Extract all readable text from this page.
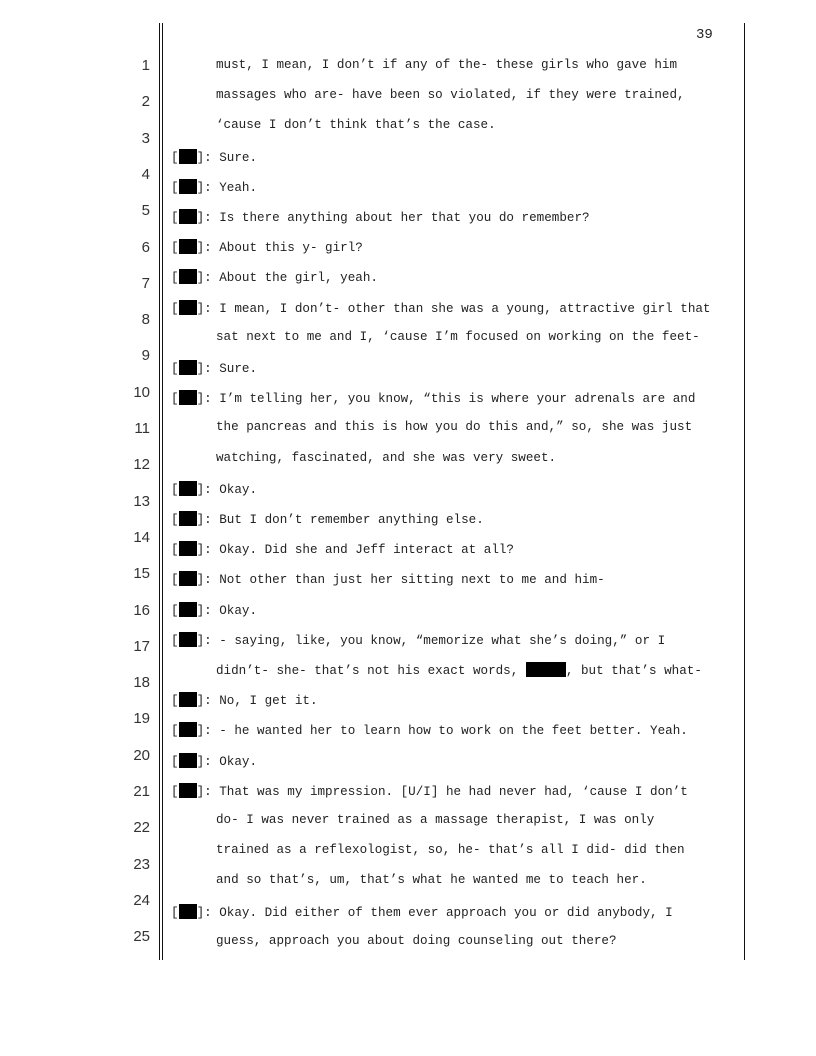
39
1
2
3
4
5
6
7
8
9
10
11
12
13
14
15
16
17
18
19
20
21
22
23
24
25
must, I mean, I don’t if any of the- these girls who gave him
massages who are- have been so violated, if they were trained,
‘cause I don’t think that’s the case.
[ ]: Sure.
[ ]: Yeah.
[ ]: Is there anything about her that you do remember?
[ ]: About this y- girl?
[ ]: About the girl, yeah.
[ ]: I mean, I don’t- other than she was a young, attractive girl that
sat next to me and I, ‘cause I’m focused on working on the feet-
[ ]: Sure.
[ ]: I’m telling her, you know, “this is where your adrenals are and
the pancreas and this is how you do this and,” so, she was just
watching, fascinated, and she was very sweet.
[ ]: Okay.
[ ]: But I don’t remember anything else.
[ ]: Okay. Did she and Jeff interact at all?
[ ]: Not other than just her sitting next to me and him-
[ ]: Okay.
[ ]: - saying, like, you know, “memorize what she’s doing,” or I
didn’t- she- that’s not his exact words,	, but that’s what-
[ ]: No, I get it.
[ ]: - he wanted her to learn how to work on the feet better. Yeah.
[ ]: Okay.
[ ]: That was my impression. [U/I] he had never had, ‘cause I don’t
do- I was never trained as a massage therapist, I was only
trained as a reflexologist, so, he- that’s all I did- did then
and so that’s, um, that’s what he wanted me to teach her.
[ ]: Okay. Did either of them ever approach you or did anybody, I
guess, approach you about doing counseling out there?
